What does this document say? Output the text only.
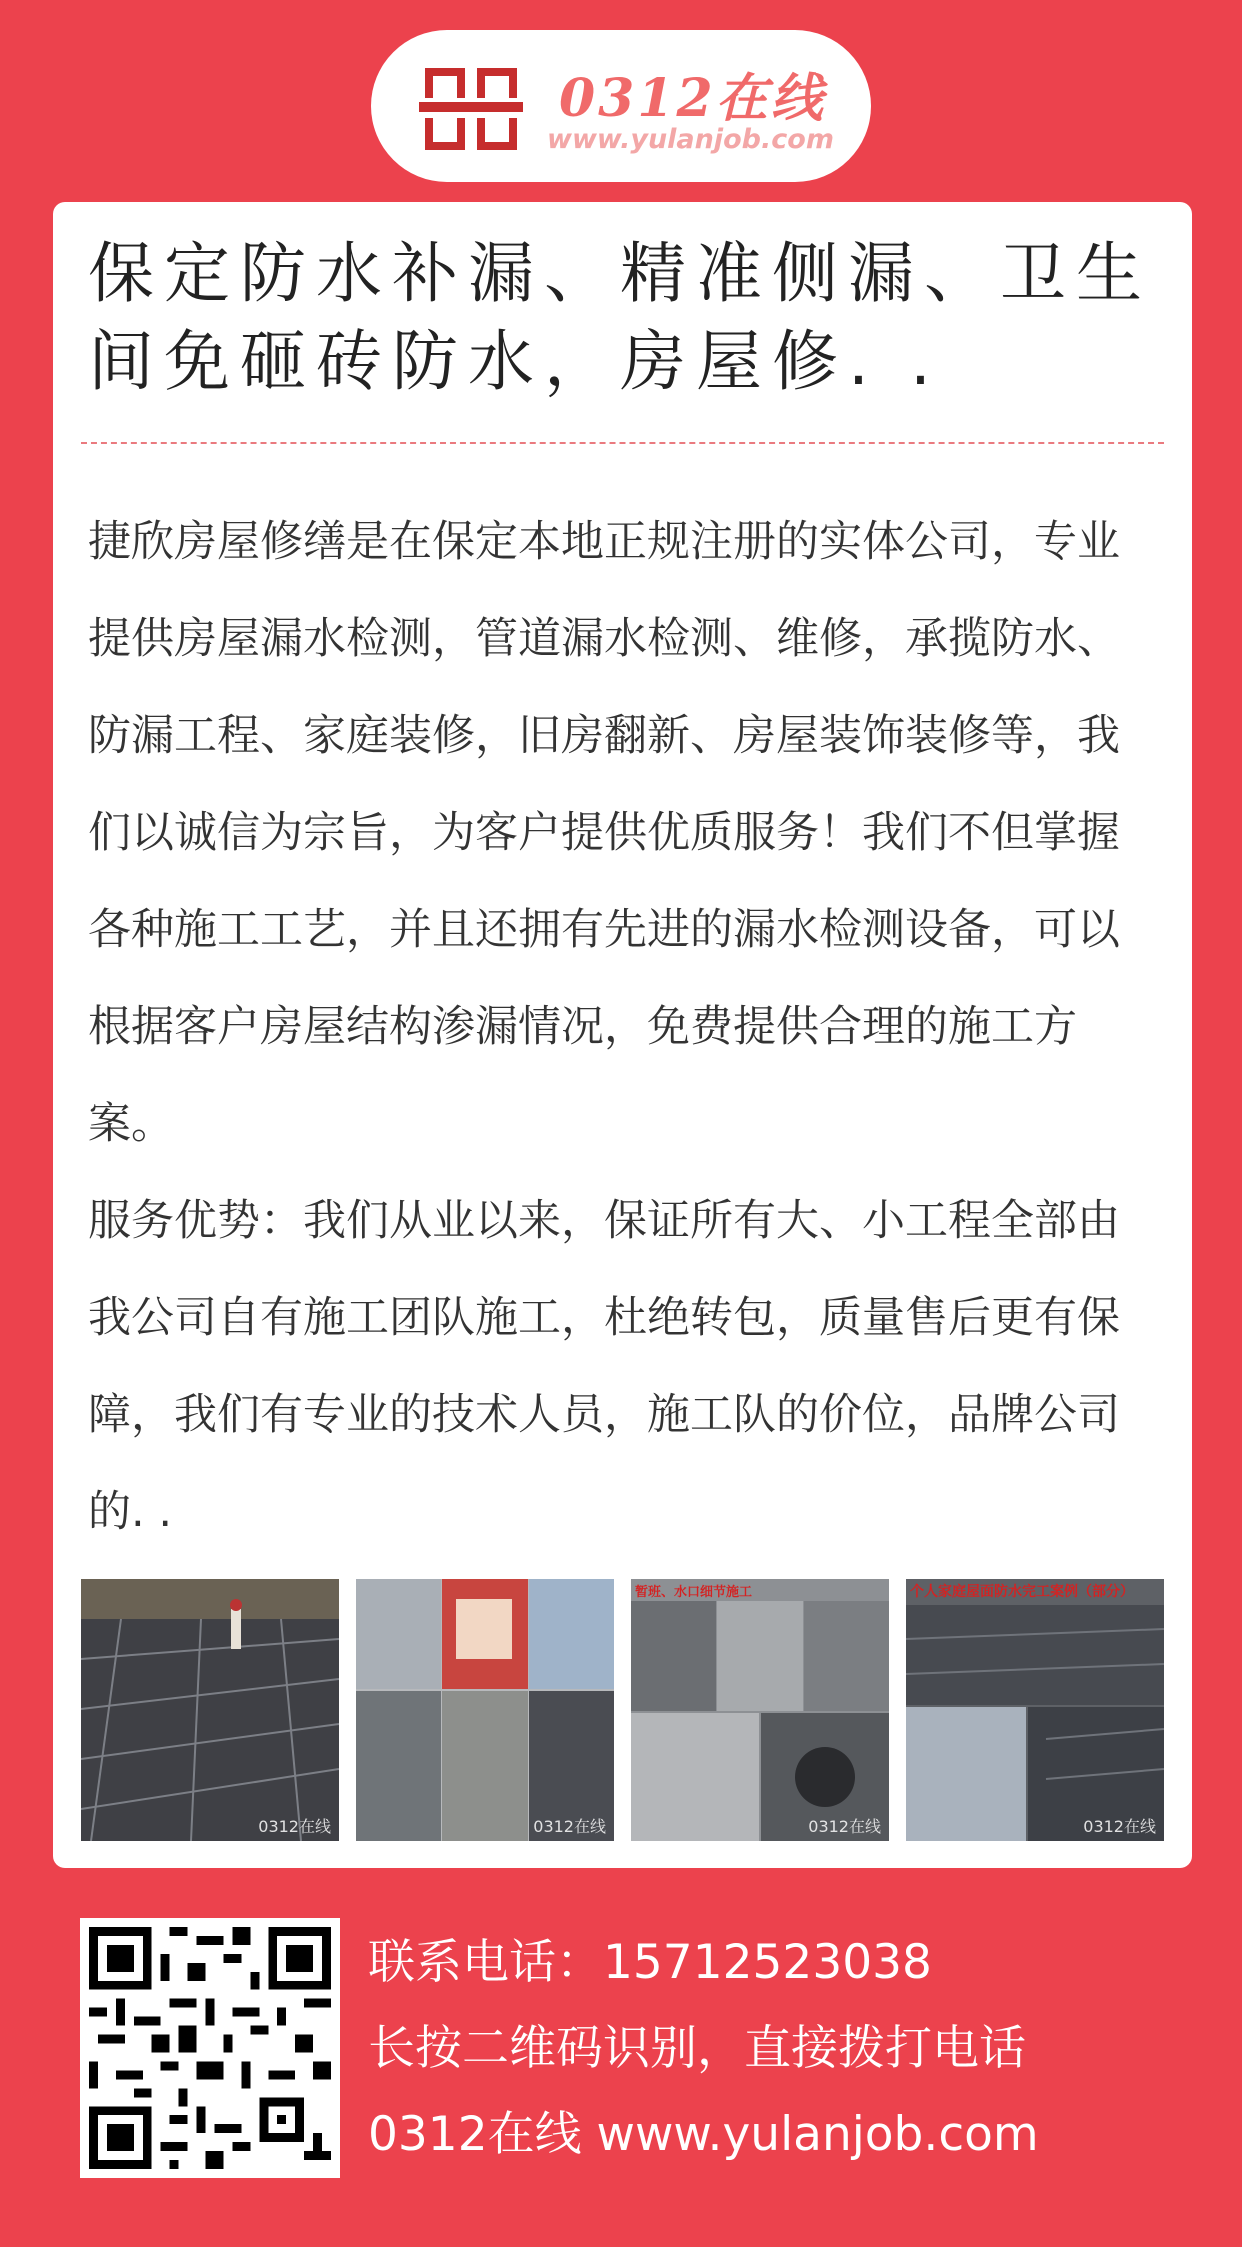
0312在线
www.yulanjob.com
保定防水补漏、精准侧漏、卫生间免砸砖防水，房屋修. .

捷欣房屋修缮是在保定本地正规注册的实体公司，专业提供房屋漏水检测，管道漏水检测、维修，承揽防水、防漏工程、家庭装修，旧房翻新、房屋装饰装修等，我们以诚信为宗旨，为客户提供优质服务！我们不但掌握各种施工工艺，并且还拥有先进的漏水检测设备，可以根据客户房屋结构渗漏情况，免费提供合理的施工方案。

服务优势：我们从业以来，保证所有大、小工程全部由我公司自有施工团队施工，杜绝转包，质量售后更有保障，我们有专业的技术人员，施工队的价位，品牌公司的. .

0312在线	0312在线
暂班、水口细节施工
0312在线
个人家庭屋面防水完工案例（部分）
0312在线
联系电话：15712523038
长按二维码识别，直接拨打电话
0312在线 www.yulanjob.com
